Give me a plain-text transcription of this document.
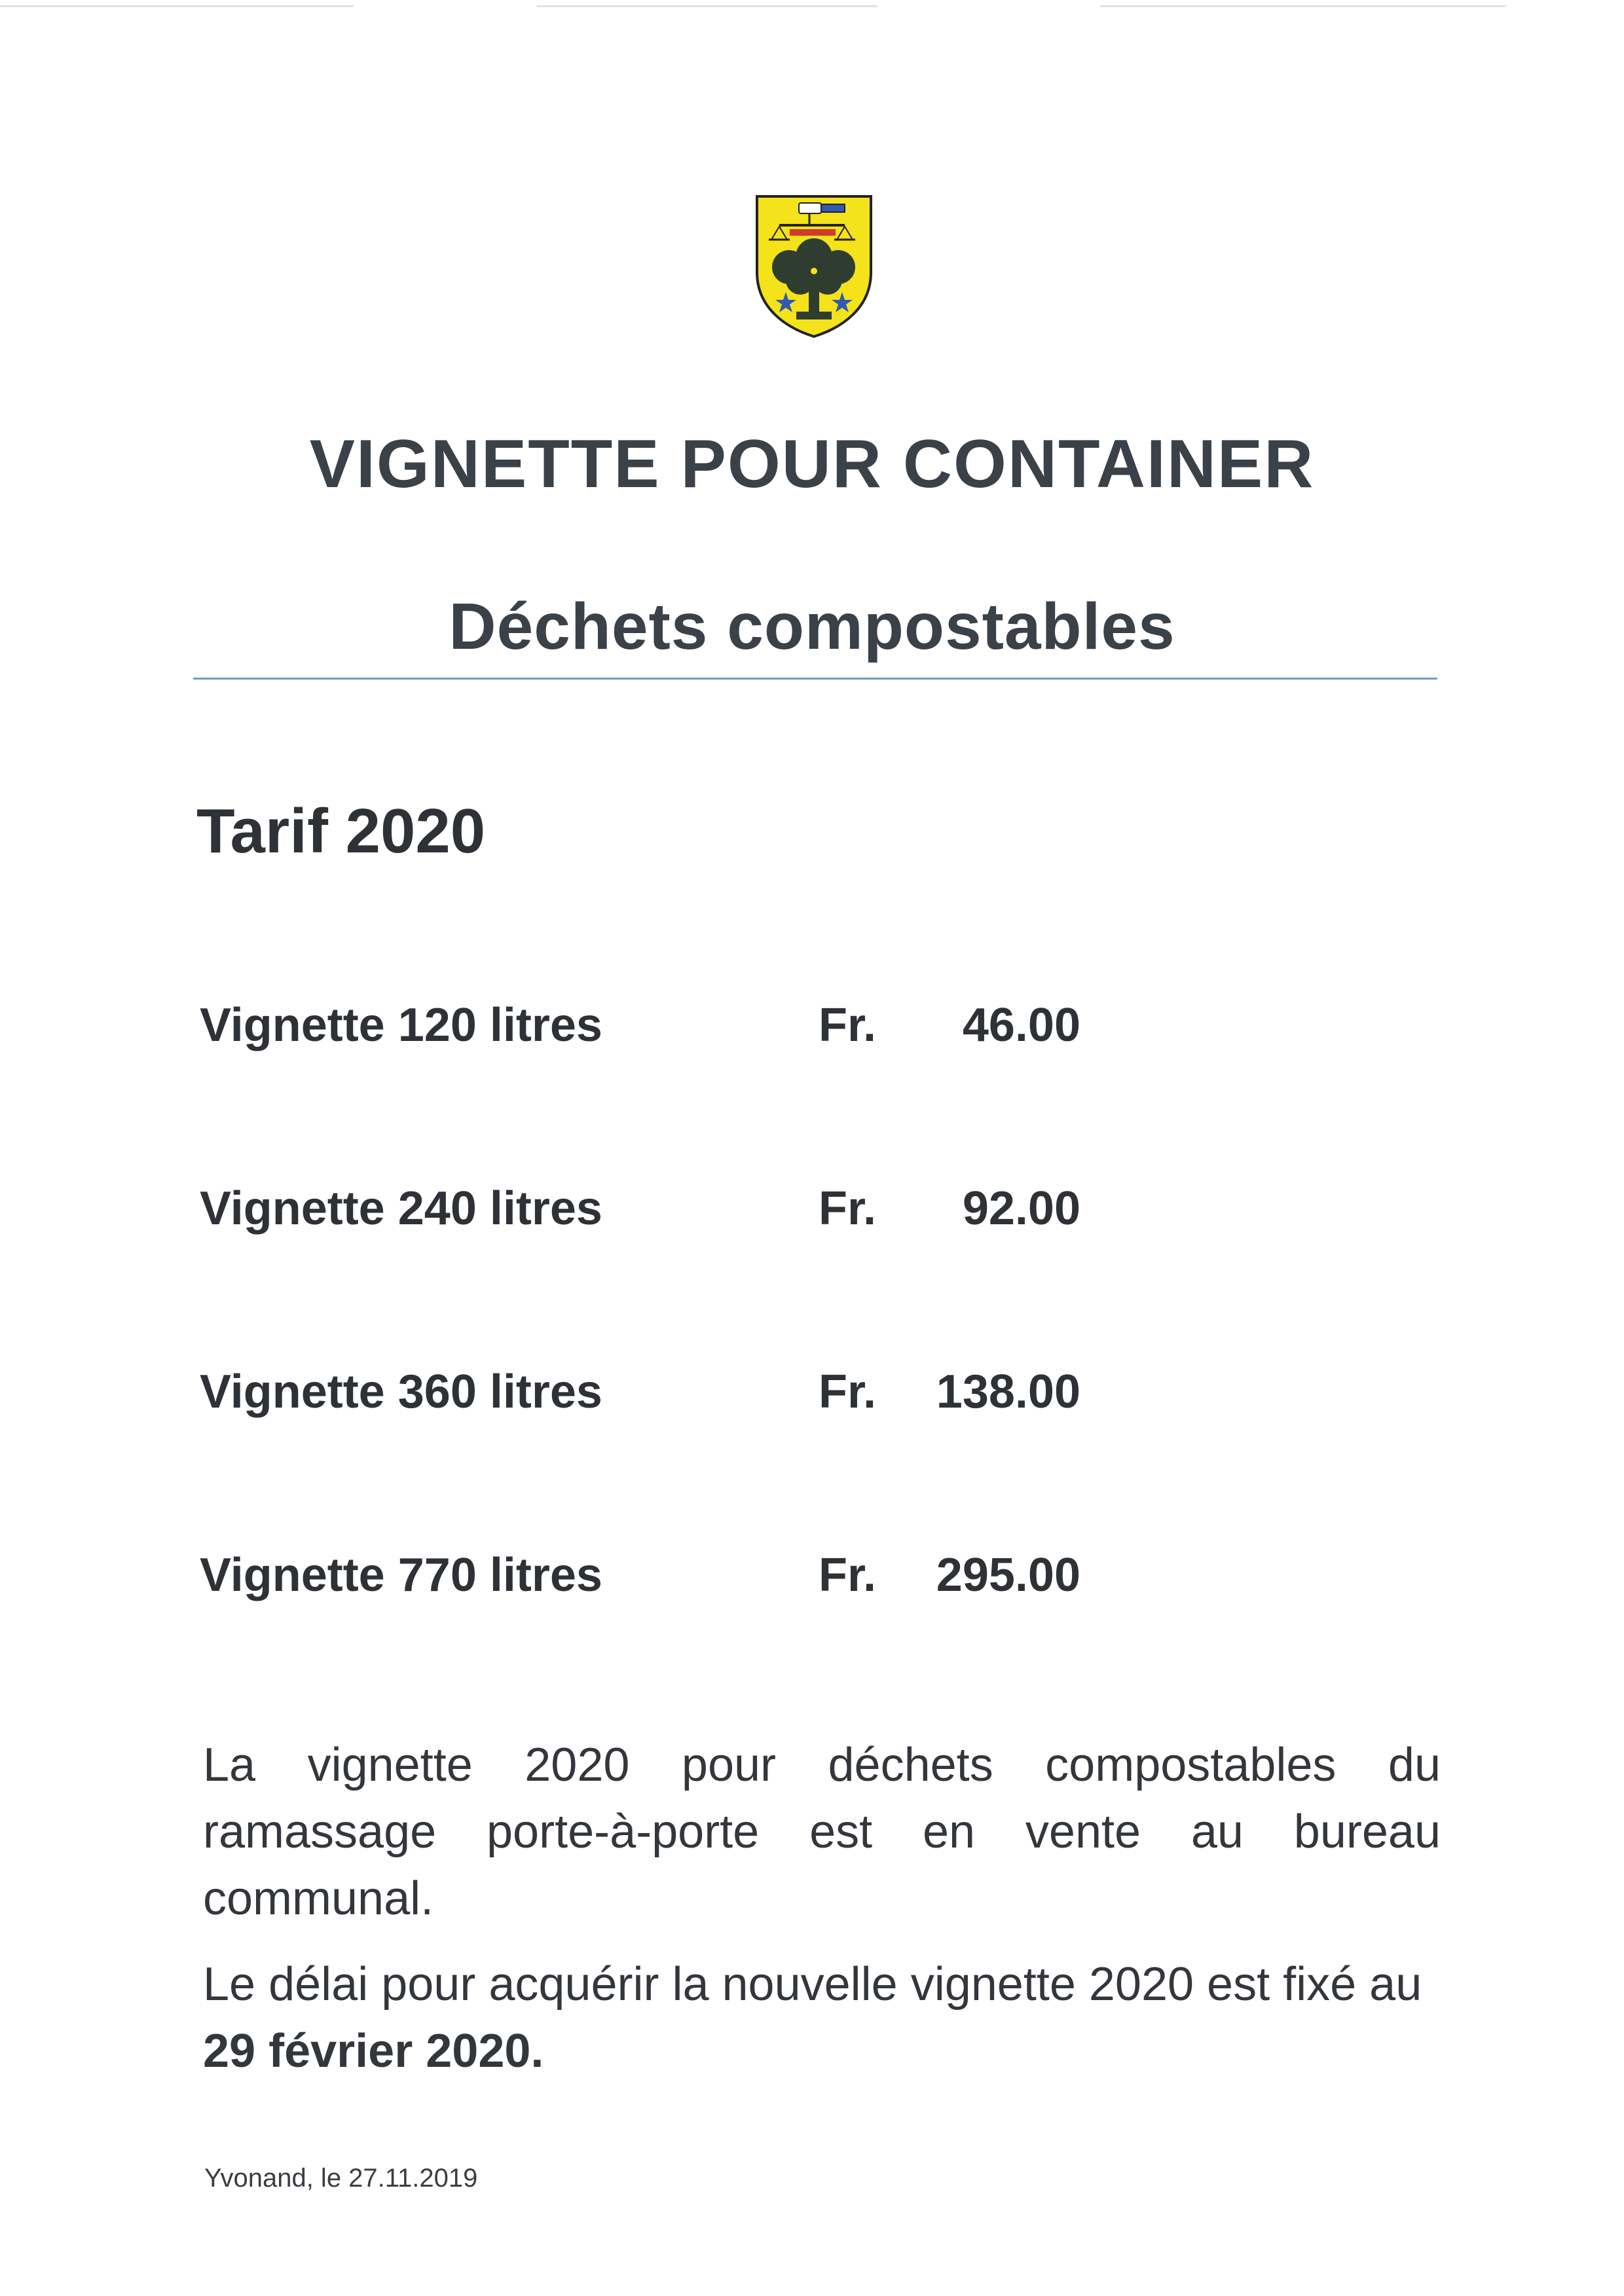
VIGNETTE POUR CONTAINER
Déchets compostables
Tarif 2020
Vignette 120 litres	Fr.	46.00
Vignette 240 litres	Fr.	92.00
Vignette 360 litres	Fr.	138.00
Vignette 770 litres	Fr.	295.00

La vignette 2020 pour déchets compostables du ramassage porte-à-porte est en vente au bureau communal.

Le délai pour acquérir la nouvelle vignette 2020 est fixé au 29 février 2020.

Yvonand, le 27.11.2019
